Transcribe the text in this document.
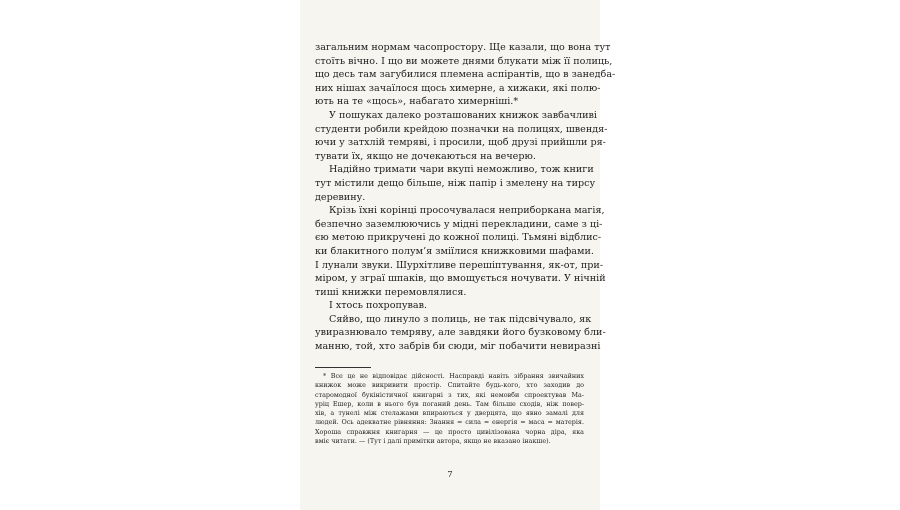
загальним нормам часопростору. Ще казали, що вона тут
стоїть вічно. І що ви можете днями блукати між її полиць,
що десь там загубилися племена аспірантів, що в занедба-
них нішах зачаїлося щось химерне, а хижаки, які полю-
ють на те «щось», набагато химерніші.*
У пошуках далеко розташованих книжок завбачливі
студенти робили крейдою позначки на полицях, швендя-
ючи у затхлій темряві, і просили, щоб друзі прийшли ря-
тувати їх, якщо не дочекаються на вечерю.
Надійно тримати чари вкупі неможливо, тож книги
тут містили дещо більше, ніж папір і змелену на тирсу
деревину.
Крізь їхні корінці просочувалася неприборкана магія,
безпечно заземлюючись у мідні перекладини, саме з ці-
єю метою прикручені до кожної полиці. Тьмяні відблис-
ки блакитного полум’я зміїлися книжковими шафами.
І лунали звуки. Шурхітливе перешіптування, як-от, при-
міром, у зграї шпаків, що вмощується ночувати. У нічній
тиші книжки перемовлялися.
І хтось похропував.
Сяйво, що линуло з полиць, не так підсвічувало, як
увиразнювало темряву, але завдяки його бузковому бли-
манню, той, хто забрів би сюди, міг побачити невиразні
* Все це не відповідає дійсності. Насправді навіть зібрання звичайних
книжок може викривити простір. Спитайте будь-кого, хто заходив до
старомодної букіністичної книгарні з тих, які немовби спроектував Ма-
уріц Ешер, коли в нього був поганий день. Там більше сходів, ніж повер-
хів, а тунелі між стелажами впираються у дверцята, що явно замалі для
людей. Ось адекватне рівняння: Знання = сила = енергія = маса = матерія.
Хороша справжня книгарня — це просто цивілізована чорна діра, яка
вміє читати. — (Тут і далі примітки автора, якщо не вказано інакше).
7
